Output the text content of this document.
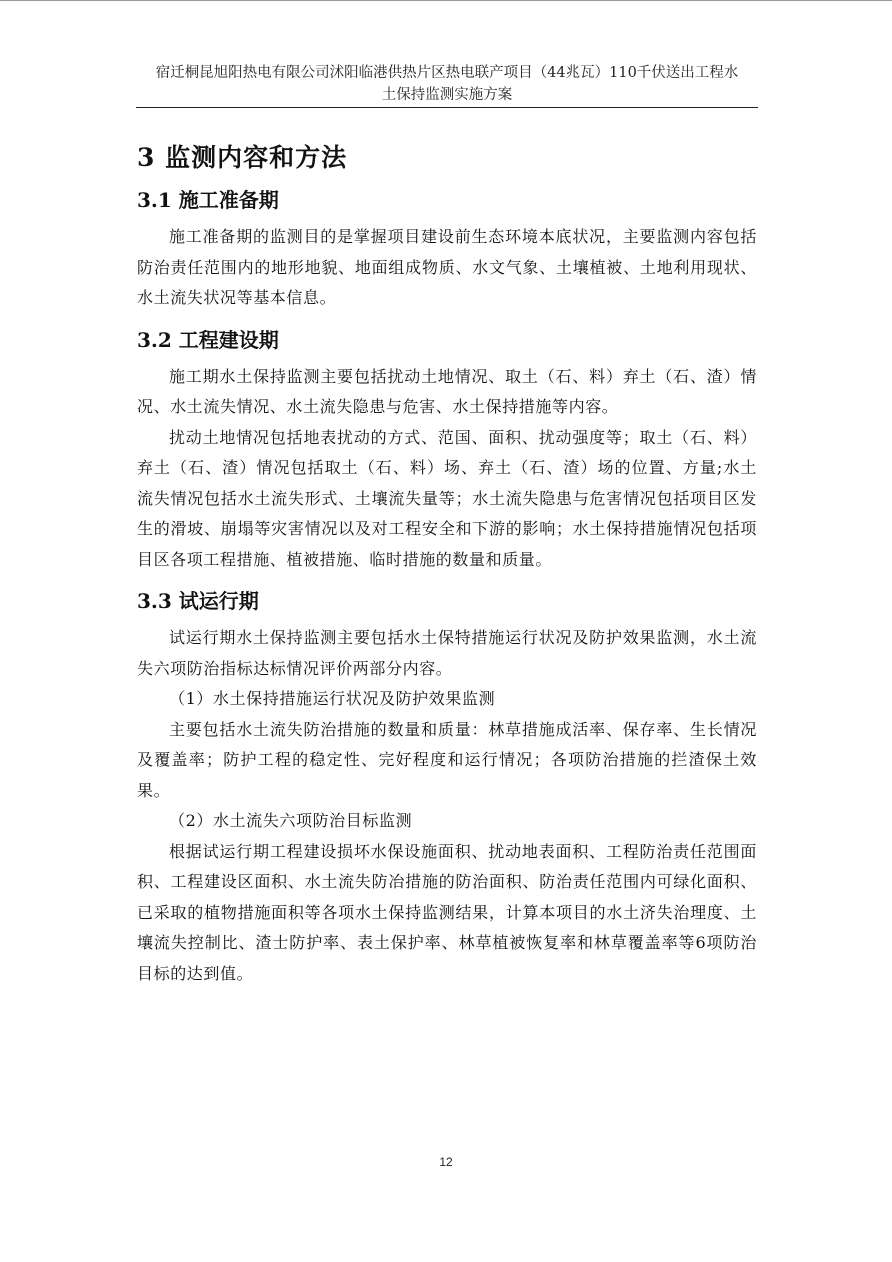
宿迁桐昆旭阳热电有限公司沭阳临港供热片区热电联产项目（44兆瓦）110千伏送出工程水
土保持监测实施方案
3 监测内容和方法
3.1 施工准备期

施工准备期的监测目的是掌握项目建设前生态环境本底状况，主要监测内容包括防治责任范围内的地形地貌、地面组成物质、水文气象、土壤植被、土地利用现状、水土流失状况等基本信息。

3.2 工程建设期

施工期水土保持监测主要包括扰动土地情况、取土（石、料）弃土（石、渣）情况、水土流失情况、水土流失隐患与危害、水土保持措施等内容。

扰动土地情况包括地表扰动的方式、范国、面积、扰动强度等；取土（石、料）弃土（石、渣）情况包括取土（石、料）场、弃土（石、渣）场的位置、方量;水土流失情况包括水土流失形式、土壤流失量等；水土流失隐患与危害情况包括项目区发生的滑坡、崩塌等灾害情况以及对工程安全和下游的影响；水土保持措施情况包括项目区各项工程措施、植被措施、临时措施的数量和质量。

3.3 试运行期

试运行期水土保持监测主要包括水土保特措施运行状况及防护效果监测，水土流失六项防治指标达标情况评价两部分内容。

（1）水土保持措施运行状况及防护效果监测

主要包括水土流失防治措施的数量和质量：林草措施成活率、保存率、生长情况及覆盖率；防护工程的稳定性、完好程度和运行情况；各项防治措施的拦渣保土效果。

（2）水土流失六项防治目标监测

根据试运行期工程建设损坏水保设施面积、扰动地表面积、工程防治责任范围面积、工程建设区面积、水土流失防冶措施的防治面积、防治责任范围内可绿化面积、已采取的植物措施面积等各项水土保持监测结果，计算本项目的水土济失治理度、土壤流失控制比、渣士防护率、表土保护率、林草植被恢复率和林草覆盖率等6项防治目标的达到值。

12
